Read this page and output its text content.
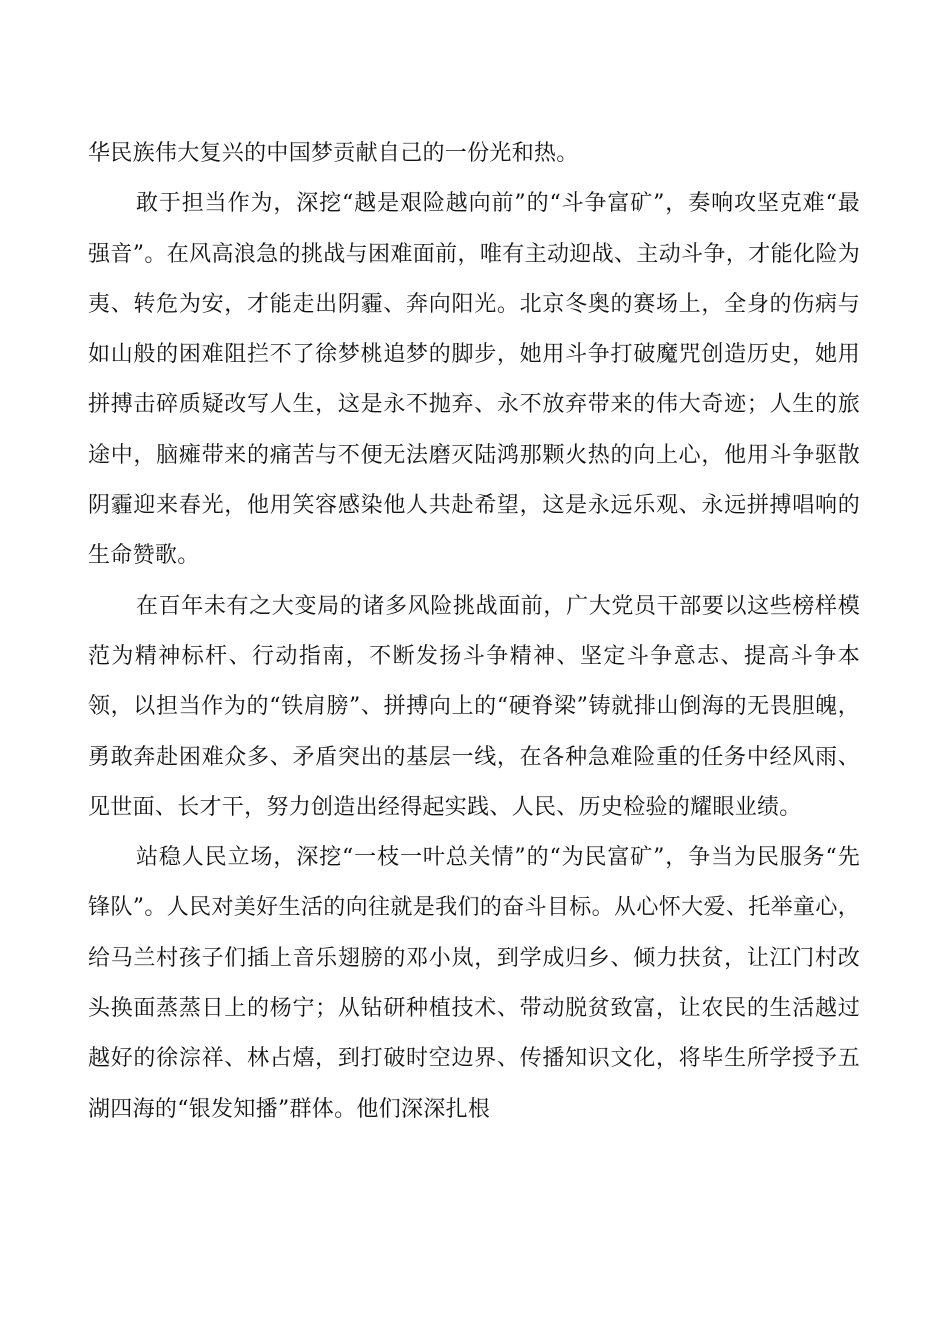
华民族伟大复兴的中国梦贡献自己的一份光和热。

敢于担当作为，深挖“越是艰险越向前”的“斗争富矿”，奏响攻坚克难“最强音”。在风高浪急的挑战与困难面前，唯有主动迎战、主动斗争，才能化险为夷、转危为安，才能走出阴霾、奔向阳光。北京冬奥的赛场上，全身的伤病与如山般的困难阻拦不了徐梦桃追梦的脚步，她用斗争打破魔咒创造历史，她用拼搏击碎质疑改写人生，这是永不抛弃、永不放弃带来的伟大奇迹；人生的旅途中，脑瘫带来的痛苦与不便无法磨灭陆鸿那颗火热的向上心，他用斗争驱散阴霾迎来春光，他用笑容感染他人共赴希望，这是永远乐观、永远拼搏唱响的生命赞歌。

在百年未有之大变局的诸多风险挑战面前，广大党员干部要以这些榜样模范为精神标杆、行动指南，不断发扬斗争精神、坚定斗争意志、提高斗争本领，以担当作为的“铁肩膀”、拼搏向上的“硬脊梁”铸就排山倒海的无畏胆魄，勇敢奔赴困难众多、矛盾突出的基层一线，在各种急难险重的任务中经风雨、见世面、长才干，努力创造出经得起实践、人民、历史检验的耀眼业绩。

站稳人民立场，深挖“一枝一叶总关情”的“为民富矿”，争当为民服务“先锋队”。人民对美好生活的向往就是我们的奋斗目标。从心怀大爱、托举童心，给马兰村孩子们插上音乐翅膀的邓小岚，到学成归乡、倾力扶贫，让江门村改头换面蒸蒸日上的杨宁；从钻研种植技术、带动脱贫致富，让农民的生活越过越好的徐淙祥、林占熺，到打破时空边界、传播知识文化，将毕生所学授予五湖四海的“银发知播”群体。他们深深扎根
